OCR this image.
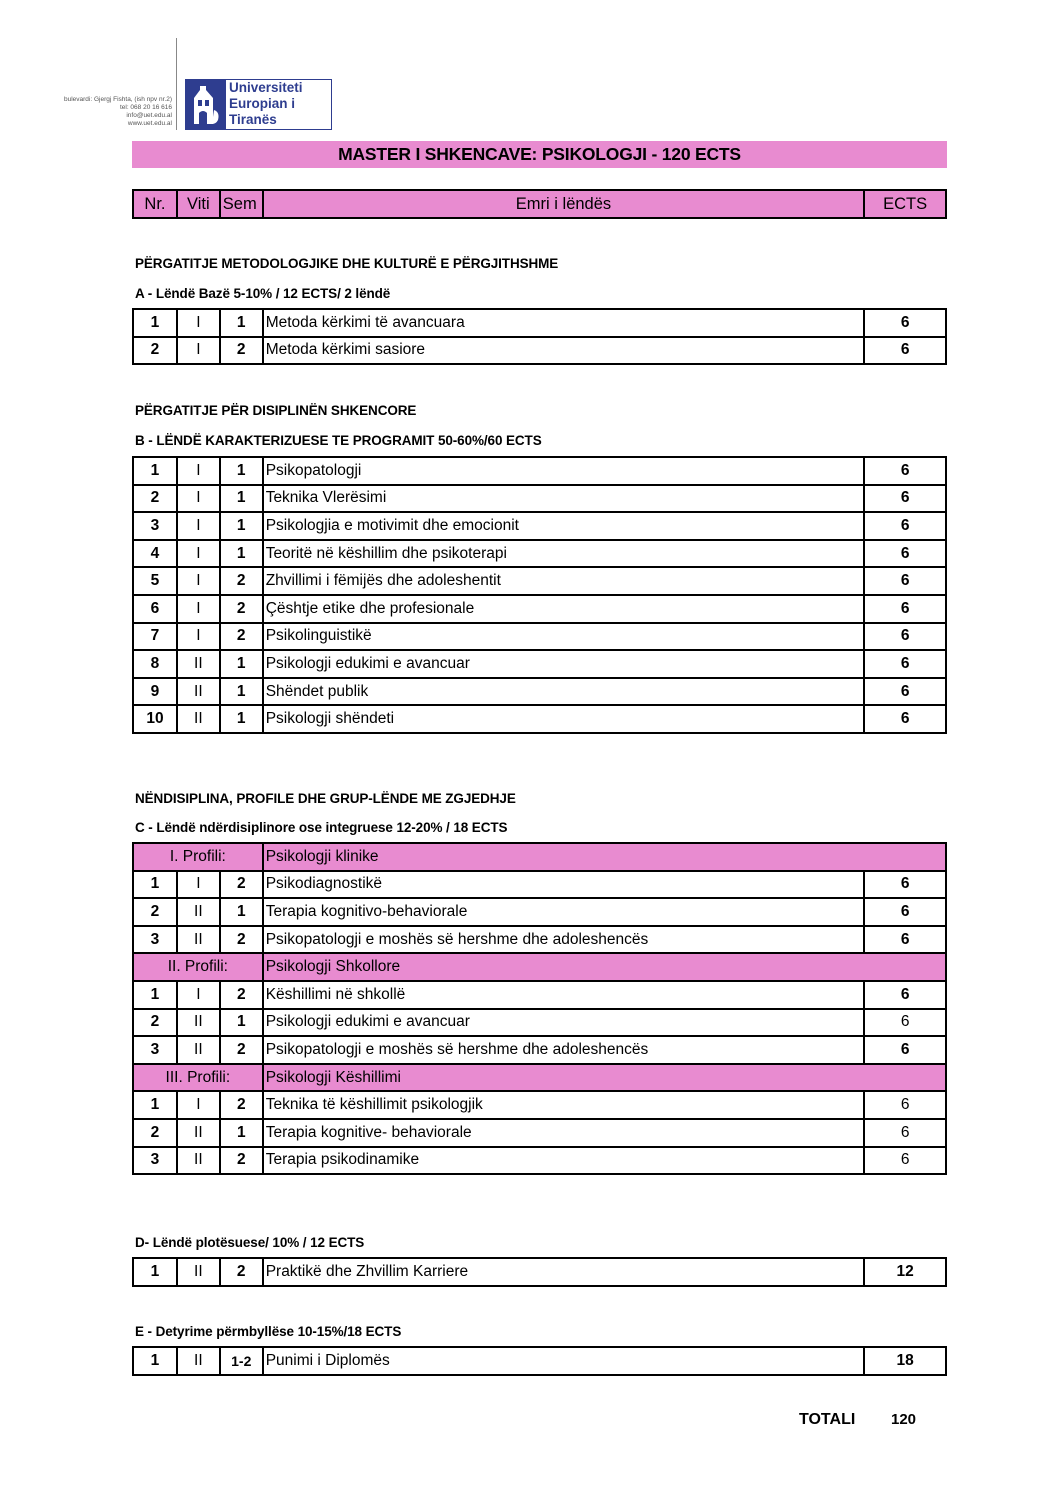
bulevardi: Gjergj Fishta, (ish npv nr.2)
tel: 068 20 16 616
info@uet.edu.al
www.uet.edu.al
Universiteti
Europian i
Tiranës
MASTER I SHKENCAVE: PSIKOLOGJI - 120 ECTS
Nr.	Viti	Sem	Emri i lëndës	ECTS
PËRGATITJE METODOLOGJIKE DHE KULTURË E PËRGJITHSHME
A - Lëndë Bazë 5-10% / 12 ECTS/ 2 lëndë
1	I	1	Metoda kërkimi të avancuara	6
2	I	2	Metoda kërkimi sasiore	6
PËRGATITJE PËR DISIPLINËN SHKENCORE
B - LËNDË KARAKTERIZUESE TE PROGRAMIT 50-60%/60 ECTS
1	I	1	Psikopatologji	6
2	I	1	Teknika Vlerësimi	6
3	I	1	Psikologjia e motivimit dhe emocionit	6
4	I	1	Teoritë në këshillim dhe psikoterapi	6
5	I	2	Zhvillimi i fëmijës dhe adoleshentit	6
6	I	2	Çështje etike dhe profesionale	6
7	I	2	Psikolinguistikë	6
8	II	1	Psikologji edukimi e avancuar	6
9	II	1	Shëndet publik	6
10	II	1	Psikologji shëndeti	6
NËNDISIPLINA, PROFILE DHE GRUP-LËNDE ME ZGJEDHJE
C - Lëndë ndërdisiplinore ose integruese 12-20% / 18 ECTS
I. Profili:			Psikologji klinike	
1	I	2	Psikodiagnostikë	6
2	II	1	Terapia kognitivo-behaviorale	6
3	II	2	Psikopatologji e moshës së hershme dhe adoleshencës	6
II. Profili:			Psikologji Shkollore	
1	I	2	Këshillimi në shkollë	6
2	II	1	Psikologji edukimi e avancuar	6
3	II	2	Psikopatologji e moshës së hershme dhe adoleshencës	6
III. Profili:			Psikologji Këshillimi	
1	I	2	Teknika të këshillimit psikologjik	6
2	II	1	Terapia kognitive- behaviorale	6
3	II	2	Terapia psikodinamike	6
D- Lëndë plotësuese/ 10% / 12 ECTS
1	II	2	Praktikë dhe Zhvillim Karriere	12
E - Detyrime përmbyllëse 10-15%/18 ECTS
1	II	1-2	Punimi i Diplomës	18
TOTALI 120
